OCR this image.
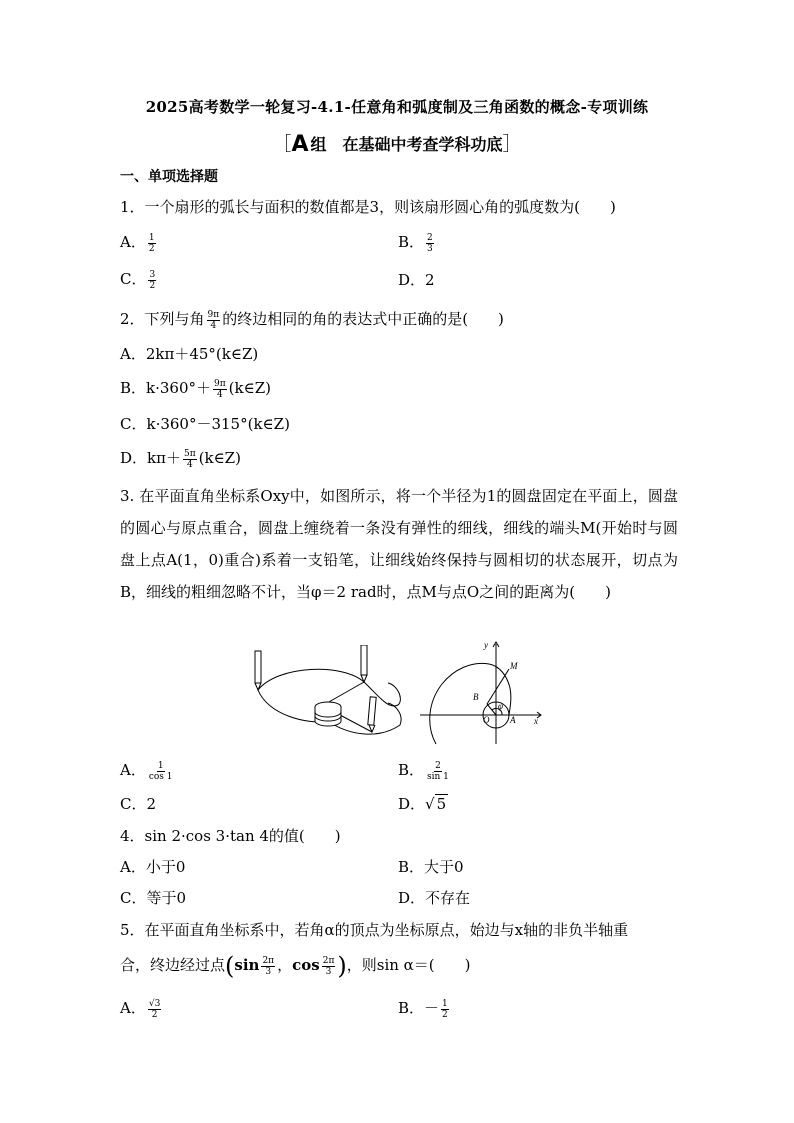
2025高考数学一轮复习-4.1-任意角和弧度制及三角函数的概念-专项训练
［A 组　在基础中考查学科功底］
一、单项选择题
1．一个扇形的弧长与面积的数值都是3，则该扇形圆心角的弧度数为(　　)
A． $\frac{1}{2}$	B． $\frac{2}{3}$
C． $\frac{3}{2}$	D．2
2．下列与角 $\frac{9\pi}{4}$ 的终边相同的角的表达式中正确的是(　　)
A．2kπ＋45°(k∈Z)
B．$k\cdot 360^\circ+ \frac{9\pi}{4}$ (k∈Z)
C．k·360°－315°(k∈Z)
D．$k\pi+ \frac{5\pi}{4}$ (k∈Z)
3. 在平面直角坐标系Oxy中，如图所示，将一个半径为1的圆盘固定在平面上，圆盘的圆心与原点重合，圆盘上缠绕着一条没有弹性的细线，细线的端头M(开始时与圆盘上点A(1，0)重合)系着一支铅笔，让细线始终保持与圆相切的状态展开，切点为B，细线的粗细忽略不计，当φ＝2 rad时，点M与点O之间的距离为(　　)
y
M
B
φ
O A x
A． $\frac{1}{\cos 1}$	B． $\frac{2}{\sin 1}$
C．2	D．√ 5
4．sin 2·cos 3·tan 4的值(　　)
A．小于0	B．大于0
C．等于0	D．不存在
5．在平面直角坐标系中，若角α的顶点为坐标原点，始边与x轴的非负半轴重
合，终边经过点($\sin \frac{2\pi}{3}$ ，$\cos \frac{2\pi}{3}$ )，则sin α＝(　　)
A． $\frac{√3}{2}$	B．－ $\frac{1}{2}$
